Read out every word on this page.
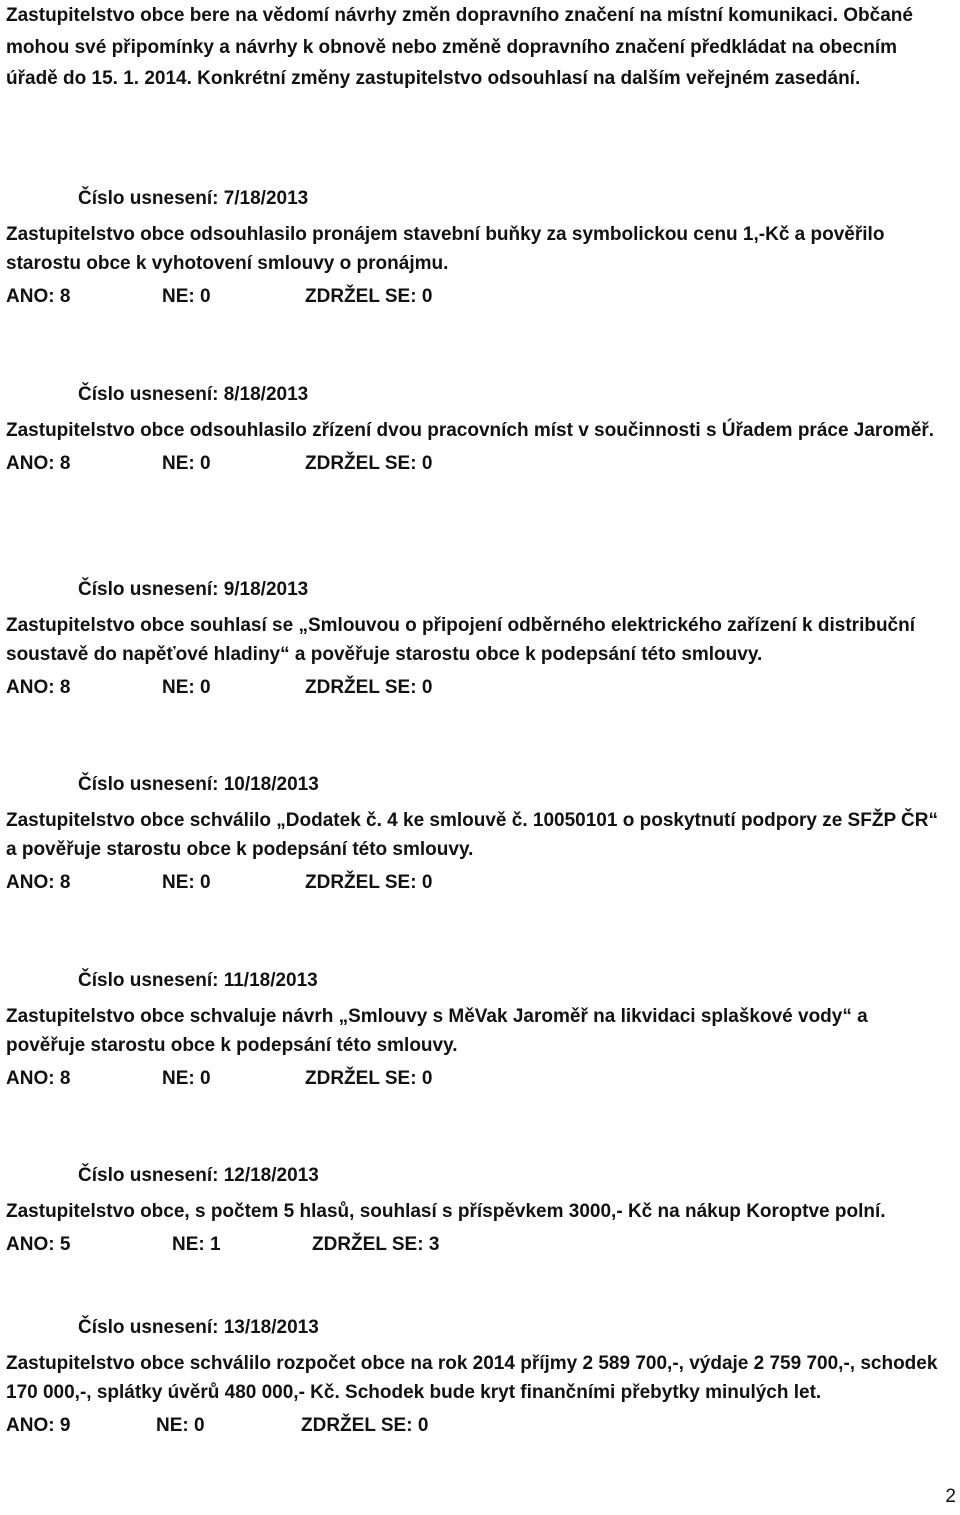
Zastupitelstvo obce bere na vědomí návrhy změn dopravního značení na místní komunikaci. Občané mohou své připomínky a návrhy k obnově nebo změně dopravního značení předkládat na obecním úřadě do 15. 1. 2014. Konkrétní změny zastupitelstvo odsouhlasí na dalším veřejném zasedání.

Číslo usnesení: 7/18/2013

Zastupitelstvo obce odsouhlasilo pronájem stavební buňky za symbolickou cenu 1,-Kč a pověřilo starostu obce k vyhotovení smlouvy o pronájmu.

ANO: 8	NE: 0	ZDRŽEL SE: 0

Číslo usnesení: 8/18/2013

Zastupitelstvo obce odsouhlasilo zřízení dvou pracovních míst v součinnosti s Úřadem práce Jaroměř.

ANO: 8	NE: 0	ZDRŽEL SE: 0

Číslo usnesení: 9/18/2013

Zastupitelstvo obce souhlasí se „Smlouvou o připojení odběrného elektrického zařízení k distribuční soustavě do napěťové hladiny“ a pověřuje starostu obce k podepsání této smlouvy.

ANO: 8	NE: 0	ZDRŽEL SE: 0

Číslo usnesení: 10/18/2013

Zastupitelstvo obce schválilo „Dodatek č. 4 ke smlouvě č. 10050101 o poskytnutí podpory ze SFŽP ČR“ a pověřuje starostu obce k podepsání této smlouvy.

ANO: 8	NE: 0	ZDRŽEL SE: 0

Číslo usnesení: 11/18/2013

Zastupitelstvo obce schvaluje návrh „Smlouvy s MěVak Jaroměř na likvidaci splaškové vody“ a pověřuje starostu obce k podepsání této smlouvy.

ANO: 8	NE: 0	ZDRŽEL SE: 0

Číslo usnesení: 12/18/2013

Zastupitelstvo obce, s počtem 5 hlasů, souhlasí s příspěvkem 3000,- Kč na nákup Koroptve polní.

ANO: 5	NE: 1	ZDRŽEL SE: 3

Číslo usnesení: 13/18/2013

Zastupitelstvo obce schválilo rozpočet obce na rok 2014 příjmy 2 589 700,-, výdaje 2 759 700,-, schodek 170 000,-, splátky úvěrů 480 000,- Kč. Schodek bude kryt finančními přebytky minulých let.

ANO: 9	NE: 0	ZDRŽEL SE: 0

2
